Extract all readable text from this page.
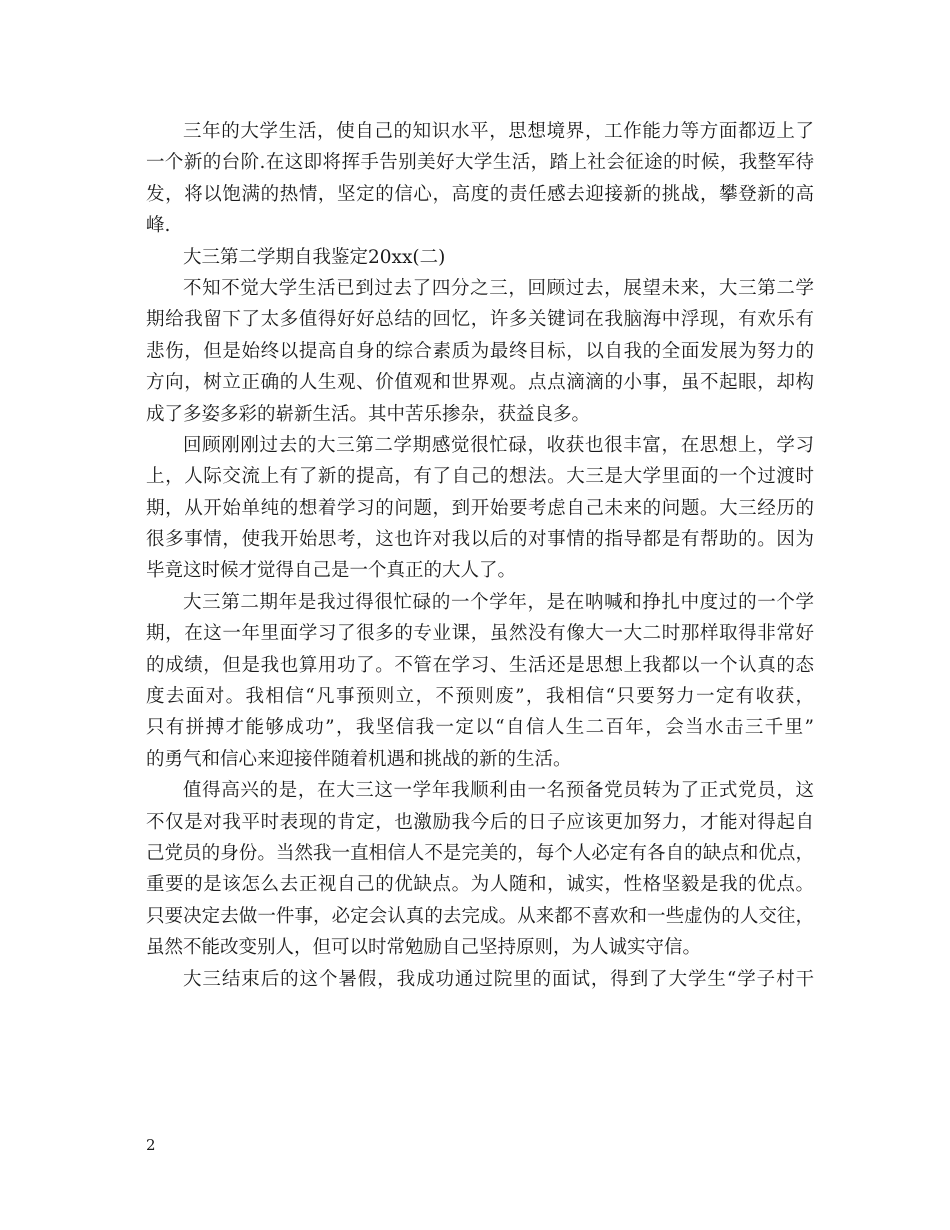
三年的大学生活，使自己的知识水平，思想境界，工作能力等方面都迈上了
一个新的台阶.在这即将挥手告别美好大学生活，踏上社会征途的时候，我整军待
发，将以饱满的热情，坚定的信心，高度的责任感去迎接新的挑战，攀登新的高
峰.
大三第二学期自我鉴定20xx(二)
不知不觉大学生活已到过去了四分之三，回顾过去，展望未来，大三第二学
期给我留下了太多值得好好总结的回忆，许多关键词在我脑海中浮现，有欢乐有
悲伤，但是始终以提高自身的综合素质为最终目标，以自我的全面发展为努力的
方向，树立正确的人生观、价值观和世界观。点点滴滴的小事，虽不起眼，却构
成了多姿多彩的崭新生活。其中苦乐掺杂，获益良多。
回顾刚刚过去的大三第二学期感觉很忙碌，收获也很丰富，在思想上，学习
上，人际交流上有了新的提高，有了自己的想法。大三是大学里面的一个过渡时
期，从开始单纯的想着学习的问题，到开始要考虑自己未来的问题。大三经历的
很多事情，使我开始思考，这也许对我以后的对事情的指导都是有帮助的。因为
毕竟这时候才觉得自己是一个真正的大人了。
大三第二期年是我过得很忙碌的一个学年，是在呐喊和挣扎中度过的一个学
期，在这一年里面学习了很多的专业课，虽然没有像大一大二时那样取得非常好
的成绩，但是我也算用功了。不管在学习、生活还是思想上我都以一个认真的态
度去面对。我相信“凡事预则立，不预则废”，我相信“只要努力一定有收获，
只有拼搏才能够成功”，我坚信我一定以“自信人生二百年，会当水击三千里”
的勇气和信心来迎接伴随着机遇和挑战的新的生活。
值得高兴的是，在大三这一学年我顺利由一名预备党员转为了正式党员，这
不仅是对我平时表现的肯定，也激励我今后的日子应该更加努力，才能对得起自
己党员的身份。当然我一直相信人不是完美的，每个人必定有各自的缺点和优点，
重要的是该怎么去正视自己的优缺点。为人随和，诚实，性格坚毅是我的优点。
只要决定去做一件事，必定会认真的去完成。从来都不喜欢和一些虚伪的人交往，
虽然不能改变别人，但可以时常勉励自己坚持原则，为人诚实守信。
大三结束后的这个暑假，我成功通过院里的面试，得到了大学生“学子村干
2
